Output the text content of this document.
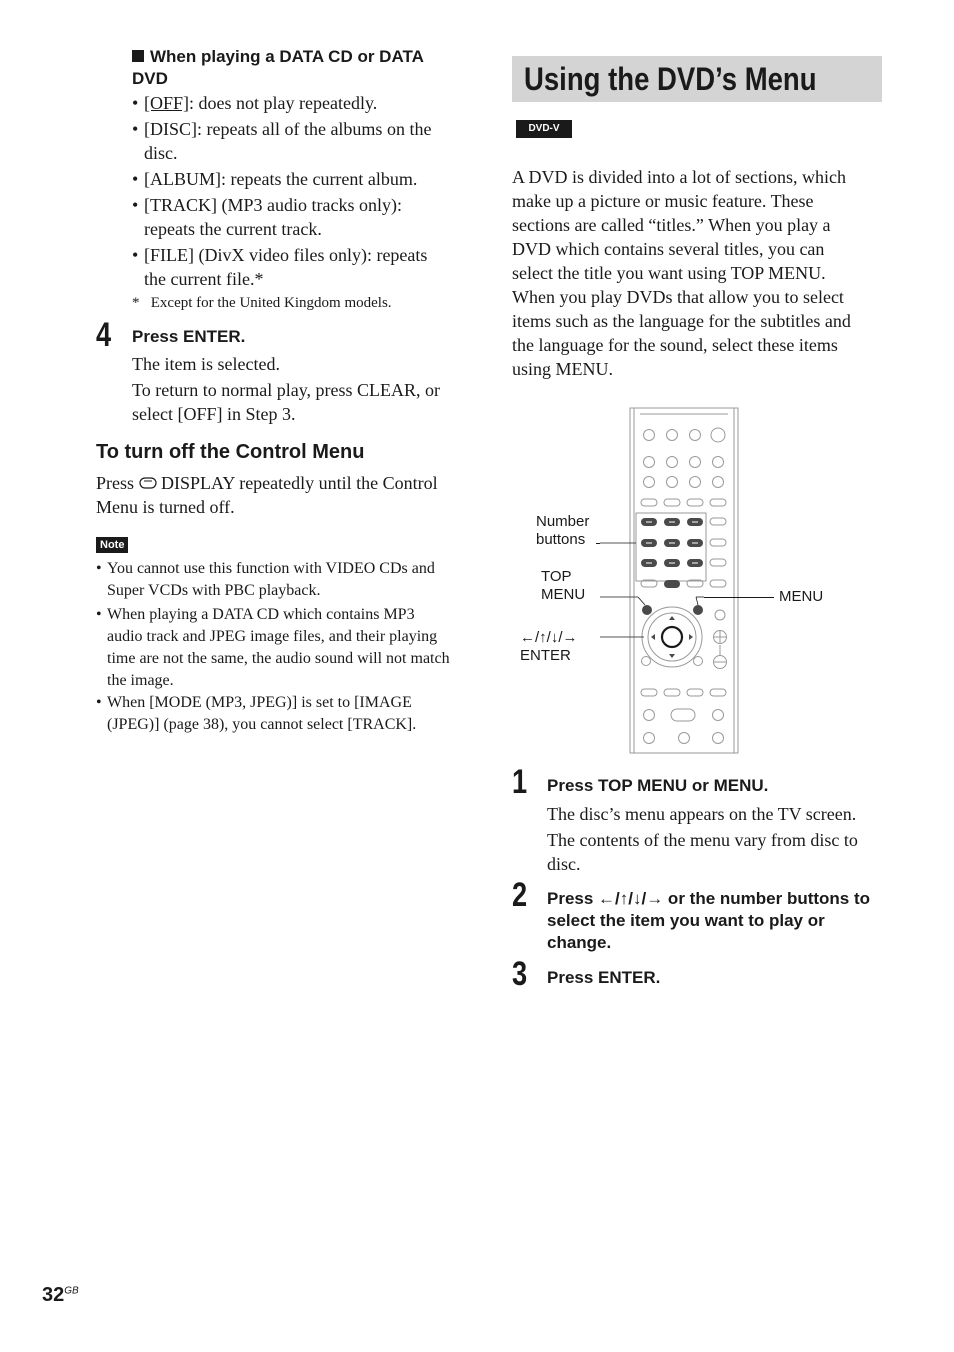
When playing a DATA CD or DATA
DVD
• [OFF]: does not play repeatedly.
• [DISC]: repeats all of the albums on the
disc.
• [ALBUM]: repeats the current album.
• [TRACK] (MP3 audio tracks only):
repeats the current track.
• [FILE] (DivX video files only): repeats
the current file.*
* Except for the United Kingdom models.
4 Press ENTER.
The item is selected.
To return to normal play, press CLEAR, or
select [OFF] in Step 3.
To turn off the Control Menu
Press DISPLAY repeatedly until the Control
Menu is turned off.
Note
• You cannot use this function with VIDEO CDs and
Super VCDs with PBC playback.
• When playing a DATA CD which contains MP3
audio track and JPEG image files, and their playing
time are not the same, the audio sound will not match
the image.
• When [MODE (MP3, JPEG)] is set to [IMAGE
(JPEG)] (page 38), you cannot select [TRACK].
Using the DVD’s Menu
DVD-V
A DVD is divided into a lot of sections, which
make up a picture or music feature. These
sections are called “titles.” When you play a
DVD which contains several titles, you can
select the title you want using TOP MENU.
When you play DVDs that allow you to select
items such as the language for the subtitles and
the language for the sound, select these items
using MENU.
Number
buttons
TOP
MENU
←/↑/↓/→
ENTER
MENU
1 Press TOP MENU or MENU.
The disc’s menu appears on the TV screen.
The contents of the menu vary from disc to
disc.
2 Press ←/↑/↓/→ or the number buttons to
select the item you want to play or
change.
3 Press ENTER.
$32^{GB}$
